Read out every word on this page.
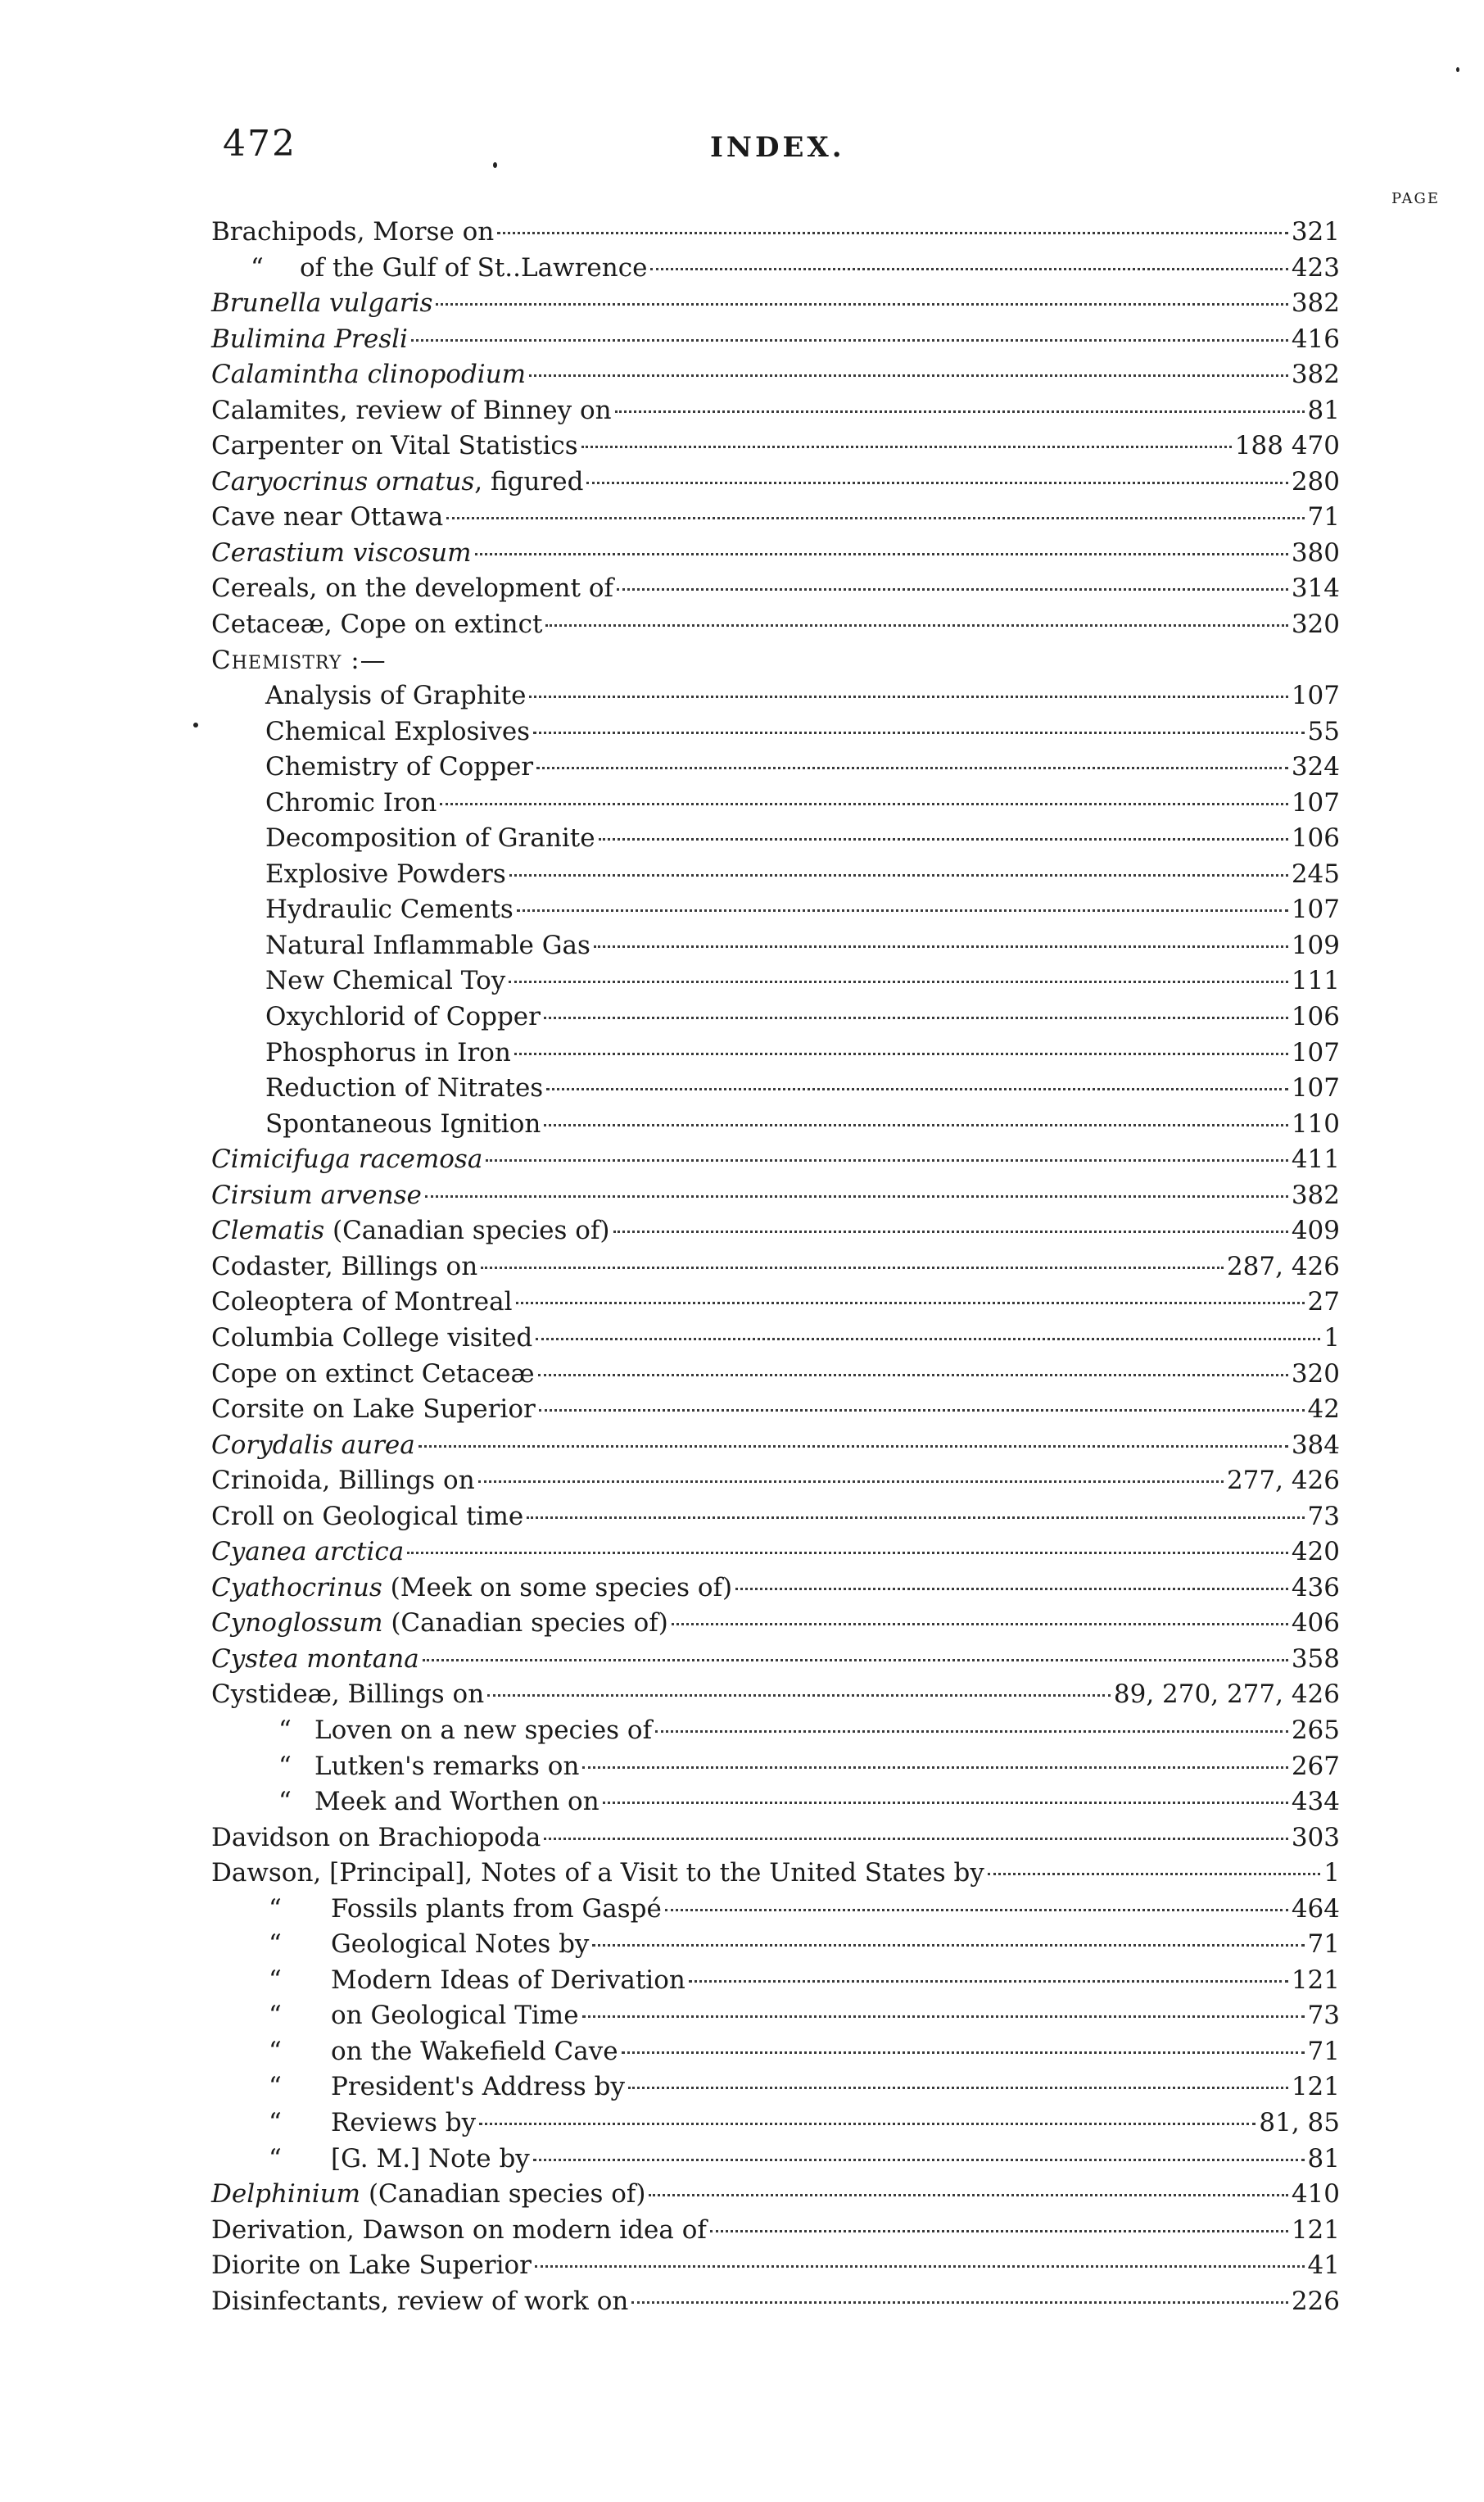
472	INDEX.
PAGE
Brachipods, Morse on	321
“ of the Gulf of St..Lawrence	423
Brunella vulgaris	382
Bulimina Presli	416
Calamintha clinopodium	382
Calamites, review of Binney on	81
Carpenter on Vital Statistics	188 470
Caryocrinus ornatus, figured	280
Cave near Ottawa	71
Cerastium viscosum	380
Cereals, on the development of	314
Cetaceæ, Cope on extinct	320
Chemistry :—
Analysis of Graphite	107
Chemical Explosives	55
Chemistry of Copper	324
Chromic Iron	107
Decomposition of Granite	106
Explosive Powders	245
Hydraulic Cements	107
Natural Inflammable Gas	109
New Chemical Toy	111
Oxychlorid of Copper	106
Phosphorus in Iron	107
Reduction of Nitrates	107
Spontaneous Ignition	110
Cimicifuga racemosa	411
Cirsium arvense	382
Clematis (Canadian species of)	409
Codaster, Billings on	287, 426
Coleoptera of Montreal	27
Columbia College visited	1
Cope on extinct Cetaceæ	320
Corsite on Lake Superior	42
Corydalis aurea	384
Crinoida, Billings on	277, 426
Croll on Geological time	73
Cyanea arctica	420
Cyathocrinus (Meek on some species of)	436
Cynoglossum (Canadian species of)	406
Cystea montana	358
Cystideæ, Billings on	89, 270, 277, 426
“ Loven on a new species of	265
“ Lutken's remarks on	267
“ Meek and Worthen on	434
Davidson on Brachiopoda	303
Dawson, [Principal], Notes of a Visit to the United States by	1
“ Fossils plants from Gaspé	464
“ Geological Notes by	71
“ Modern Ideas of Derivation	121
“ on Geological Time	73
“ on the Wakefield Cave	71
“ President's Address by	121
“ Reviews by	81, 85
“ [G. M.] Note by	81
Delphinium (Canadian species of)	410
Derivation, Dawson on modern idea of	121
Diorite on Lake Superior	41
Disinfectants, review of work on	226
